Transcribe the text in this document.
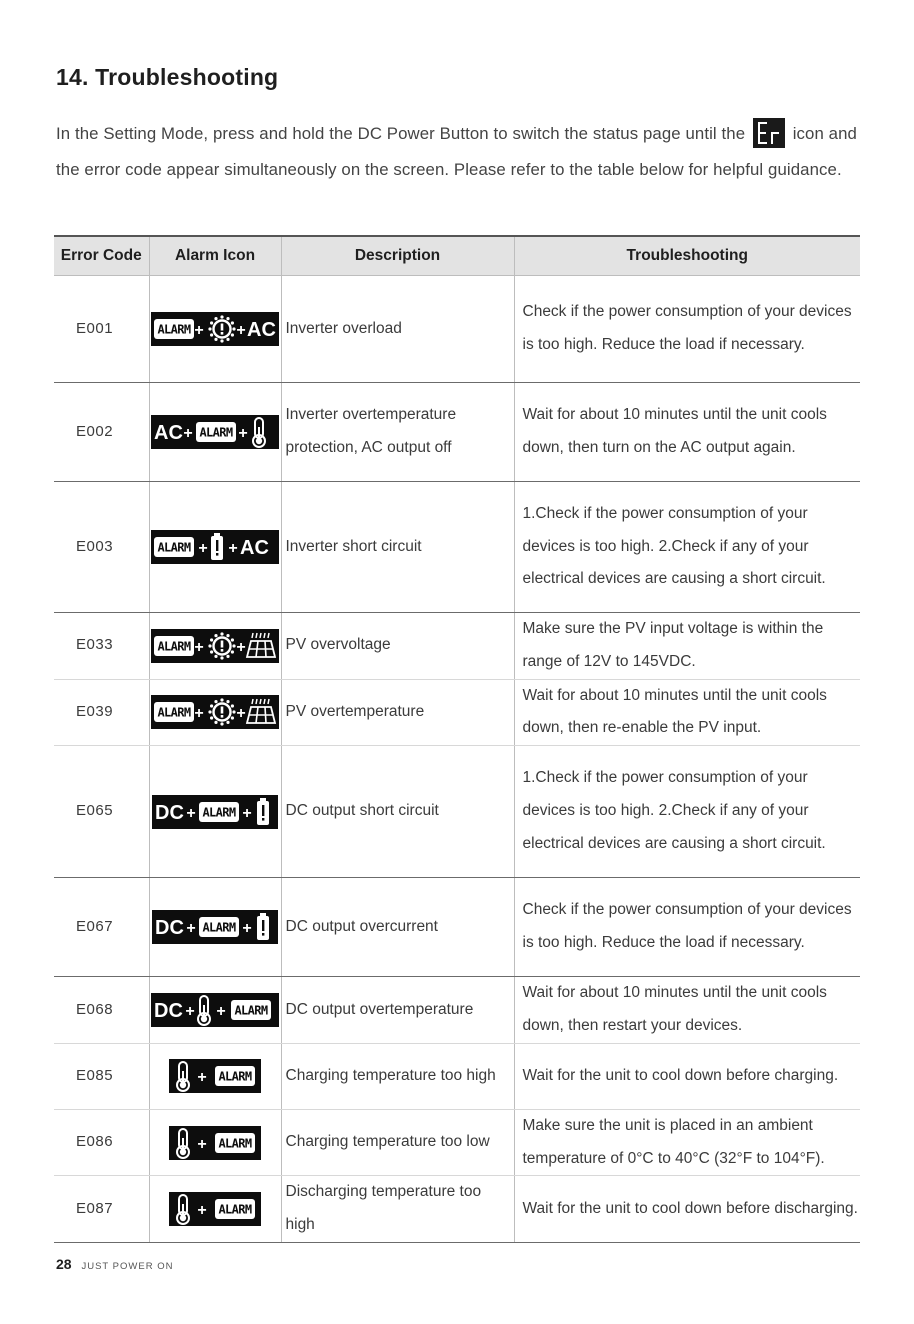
14. Troubleshooting
In the Setting Mode, press and hold the DC Power Button to switch the status page until the
Er
icon and the error code appear simultaneously on the screen. Please refer to the table below for helpful guidance.
Error Code	Alarm Icon	Description	Troubleshooting
E001	ALARM + + AC	Inverter overload	Check if the power consumption of your devices is too high. Reduce the load if necessary.
E002	AC + ALARM +	Inverter overtemperature protection, AC output off	Wait for about 10 minutes until the unit cools down, then turn on the AC output again.
E003	ALARM + + AC	Inverter short circuit	1.Check if the power consumption of your devices is too high. 2.Check if any of your electrical devices are causing a short circuit.
E033	ALARM + +	PV overvoltage	Make sure the PV input voltage is within the range of 12V to 145VDC.
E039	ALARM + +	PV overtemperature	Wait for about 10 minutes until the unit cools down, then re-enable the PV input.
E065	DC + ALARM +	DC output short circuit	1.Check if the power consumption of your devices is too high. 2.Check if any of your electrical devices are causing a short circuit.
E067	DC + ALARM +	DC output overcurrent	Check if the power consumption of your devices is too high. Reduce the load if necessary.
E068	DC + + ALARM	DC output overtemperature	Wait for about 10 minutes until the unit cools down, then restart your devices.
E085	+ ALARM	Charging temperature too high	Wait for the unit to cool down before charging.
E086	+ ALARM	Charging temperature too low	Make sure the unit is placed in an ambient temperature of 0°C to 40°C (32°F to 104°F).
E087	+ ALARM	Discharging temperature too high	Wait for the unit to cool down before discharging.
28 JUST POWER ON
